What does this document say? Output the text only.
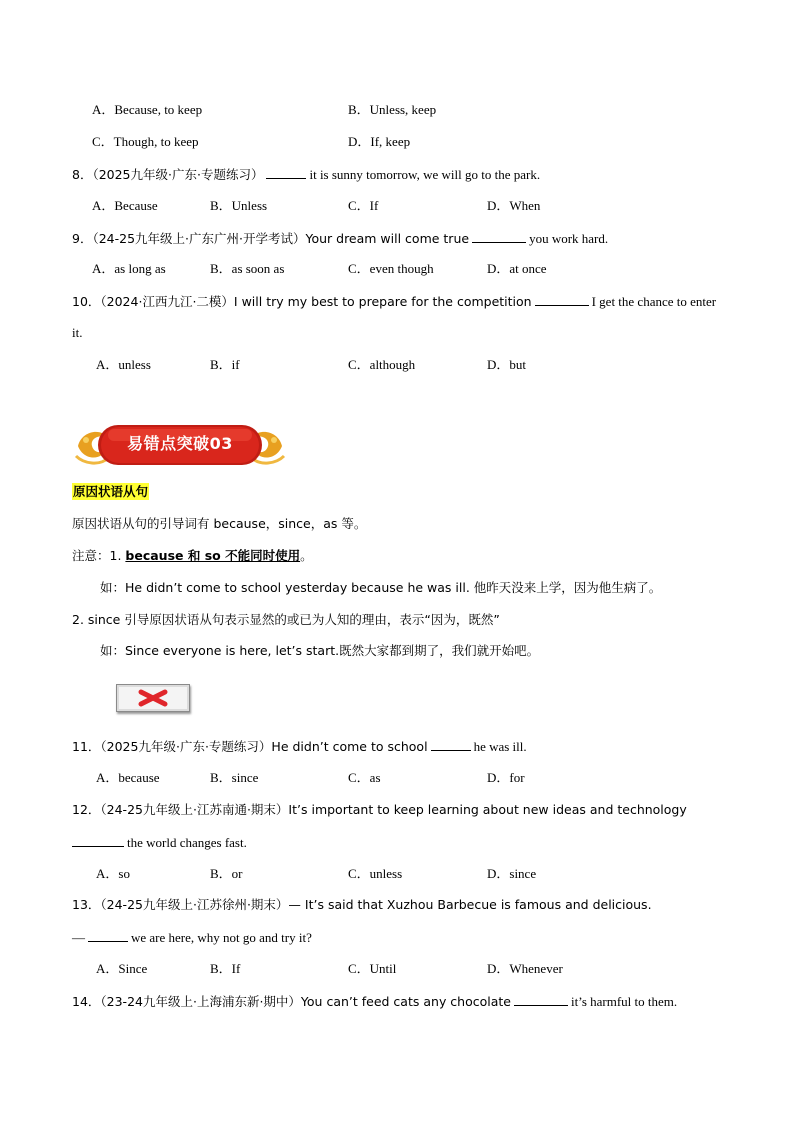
A．Because, to keep	B．Unless, keep
C．Though, to keep	D．If, keep
8．（2025九年级·广东·专题练习）	it is sunny tomorrow, we will go to the park.
A．Because	B．Unless	C．If	D．When
9．（24-25九年级上·广东广州·开学考试）Your dream will come true	you work hard.
A．as long as	B．as soon as	C．even though	D．at once
10．（2024·江西九江·二模）I will try my best to prepare for the competition	I get the chance to enter
it.
A．unless	B．if	C．although	D．but
易错点突破03
原因状语从句
原因状语从句的引导词有 because，since，as 等。
注意：1. because 和 so 不能同时使用。
如：He didn’t come to school yesterday because he was ill. 他昨天没来上学，因为他生病了。
2. since 引导原因状语从句表示显然的或已为人知的理由，表示“因为，既然”
如：Since everyone is here, let’s start.既然大家都到期了，我们就开始吧。
11．（2025九年级·广东·专题练习）He didn’t come to school	he was ill.
A．because	B．since	C．as	D．for
12．（24-25九年级上·江苏南通·期末）It’s important to keep learning about new ideas and technology
the world changes fast.
A．so	B．or	C．unless	D．since
13．（24-25九年级上·江苏徐州·期末）— It’s said that Xuzhou Barbecue is famous and delicious.
—	we are here, why not go and try it?
A．Since	B．If	C．Until	D．Whenever
14．（23-24九年级上·上海浦东新·期中）You can’t feed cats any chocolate	it’s harmful to them.
